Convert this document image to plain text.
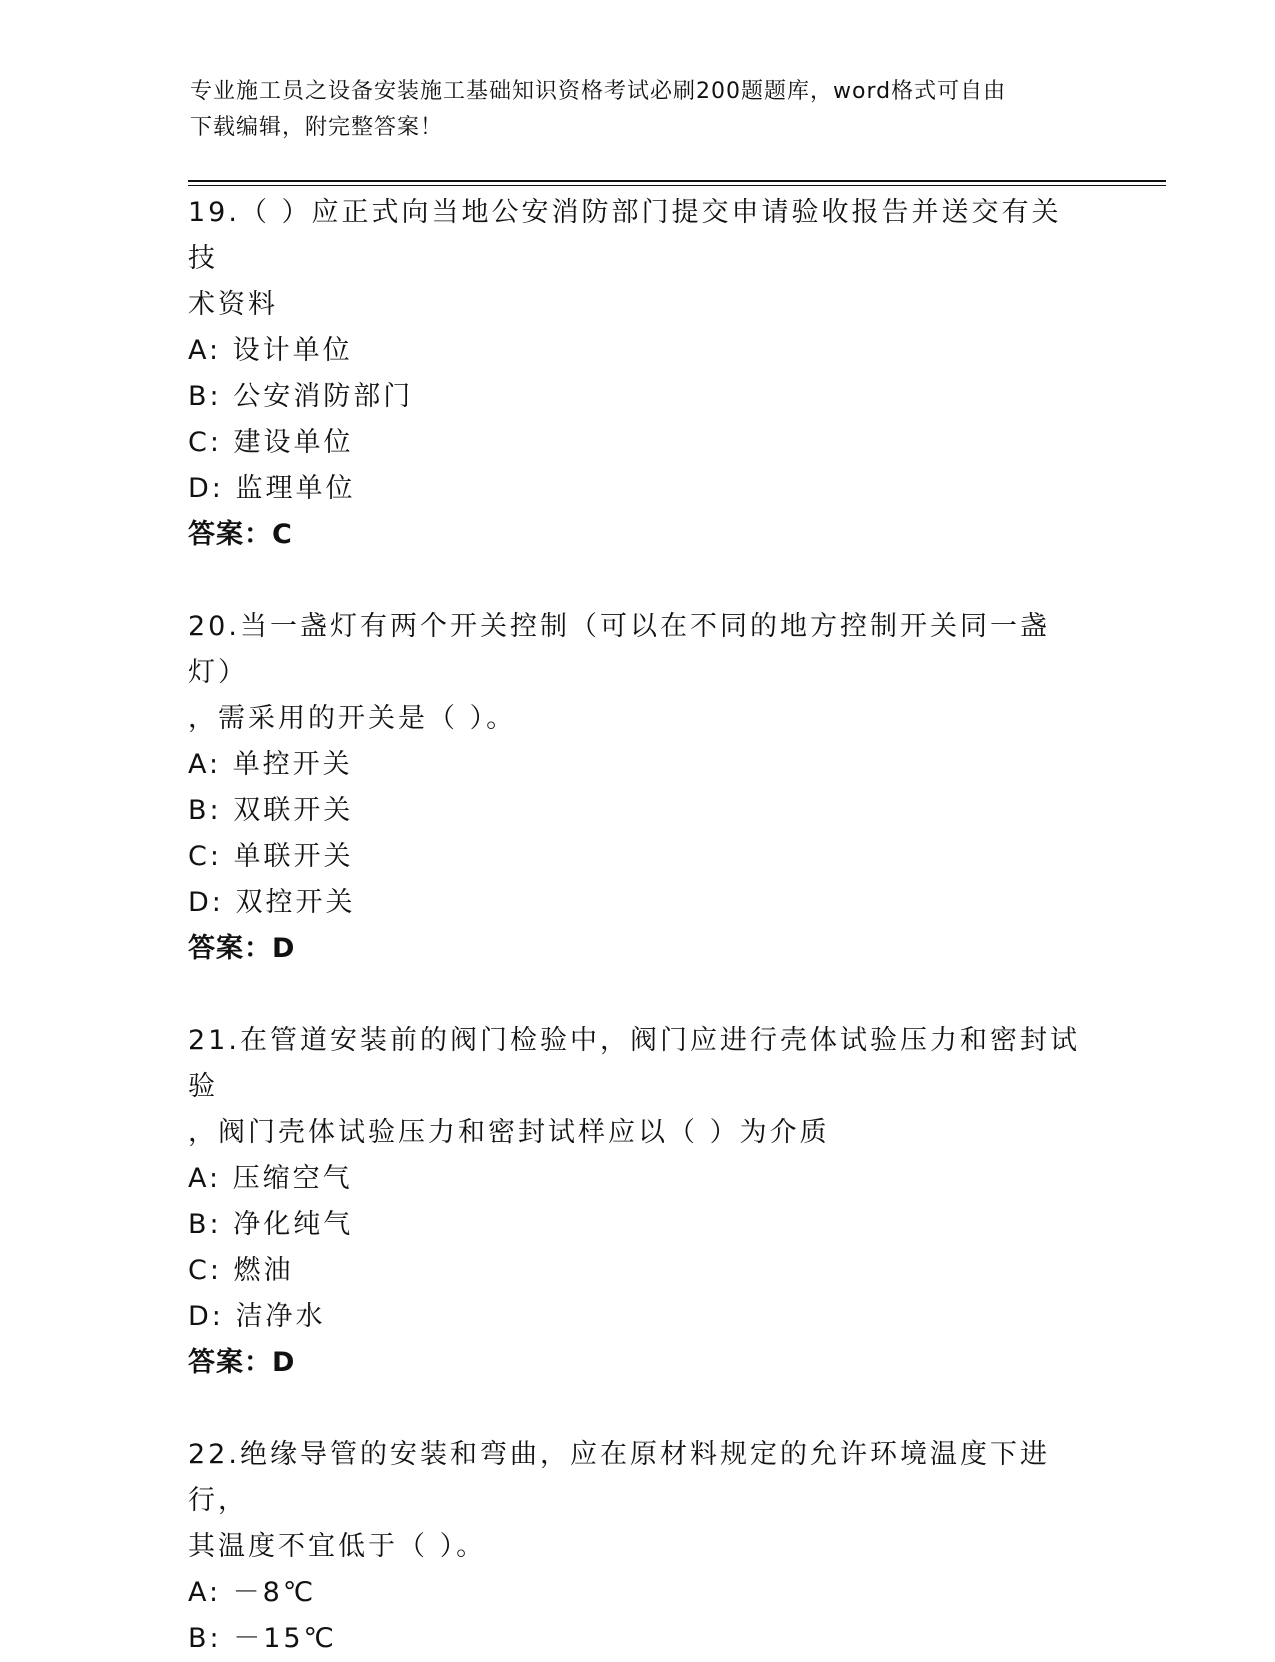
专业施工员之设备安装施工基础知识资格考试必刷200题题库，word格式可自由
下载编辑，附完整答案！

19.（ ）应正式向当地公安消防部门提交申请验收报告并送交有关技

术资料

A: 设计单位

B: 公安消防部门

C: 建设单位

D: 监理单位

答案：C

20.当一盏灯有两个开关控制（可以在不同的地方控制开关同一盏灯）

，需采用的开关是（ ）。

A: 单控开关

B: 双联开关

C: 单联开关

D: 双控开关

答案：D

21.在管道安装前的阀门检验中，阀门应进行壳体试验压力和密封试验

，阀门壳体试验压力和密封试样应以（ ）为介质

A: 压缩空气

B: 净化纯气

C: 燃油

D: 洁净水

答案：D

22.绝缘导管的安装和弯曲，应在原材料规定的允许环境温度下进行，

其温度不宜低于（ ）。

A: －8℃

B: －15℃
